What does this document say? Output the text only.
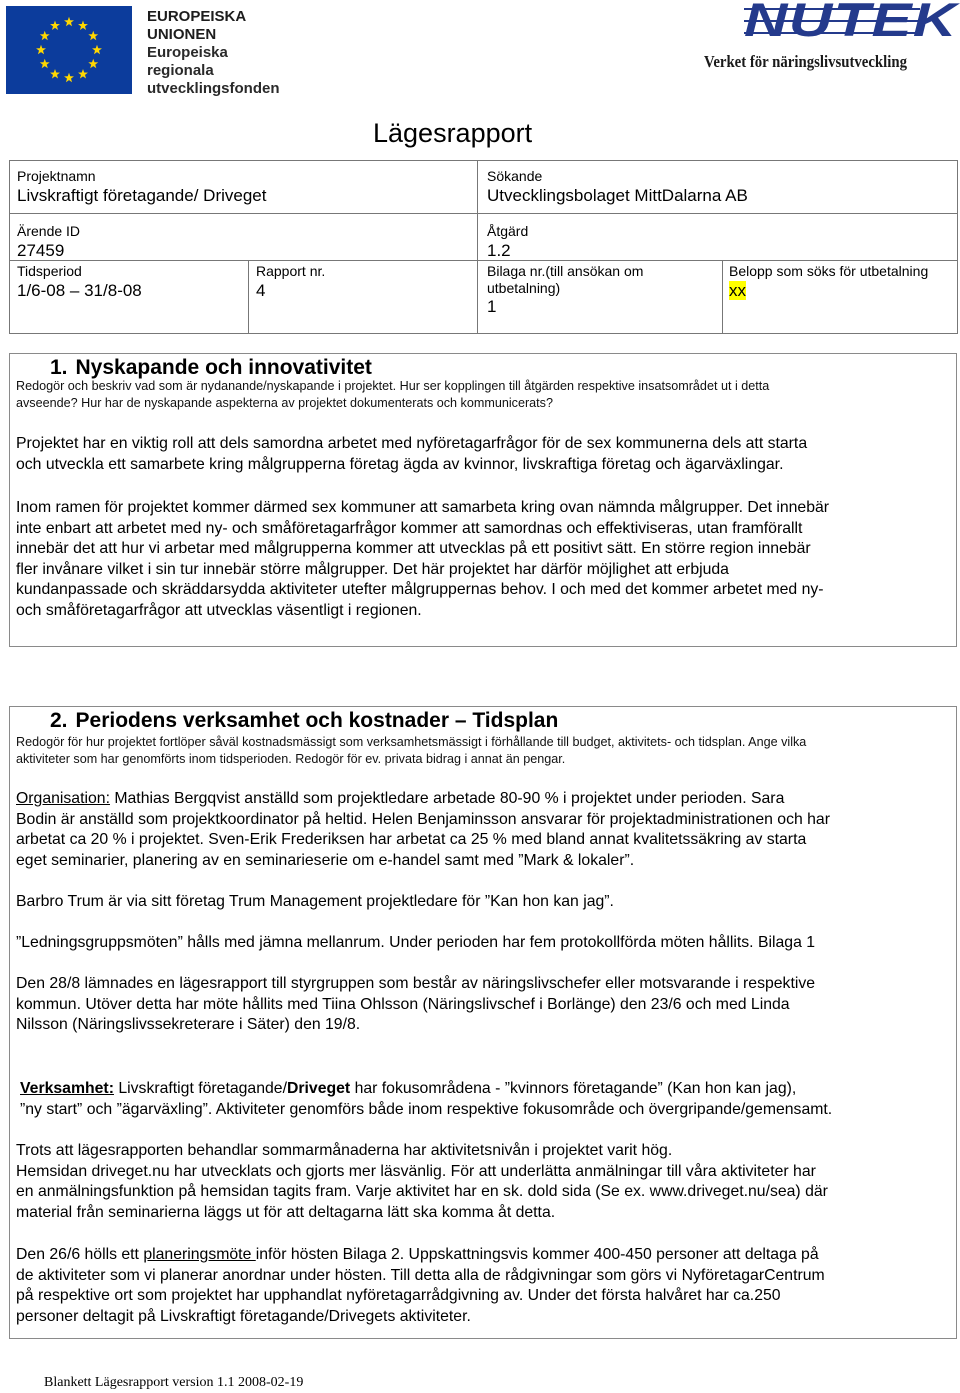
EUROPEISKA
UNIONEN
Europeiska
regionala
utvecklingsfonden
NUTEK
Verket för näringslivsutveckling
Lägesrapport
Projektnamn
Livskraftigt företagande/ Driveget
Sökande
Utvecklingsbolaget MittDalarna AB
Ärende ID
27459
Åtgärd
1.2
Tidsperiod
1/6-08 – 31/8-08
Rapport nr.
4
Bilaga nr.(till ansökan om
utbetalning)
1
Belopp som söks för utbetalning
xx
1. Nyskapande och innovativitet
Redogör och beskriv vad som är nydanande/nyskapande i projektet. Hur ser kopplingen till åtgärden respektive insatsområdet ut i detta
avseende? Hur har de nyskapande aspekterna av projektet dokumenterats och kommunicerats?
Projektet har en viktig roll att dels samordna arbetet med nyföretagarfrågor för de sex kommunerna dels att starta
och utveckla ett samarbete kring målgrupperna företag ägda av kvinnor, livskraftiga företag och ägarväxlingar.
Inom ramen för projektet kommer därmed sex kommuner att samarbeta kring ovan nämnda målgrupper. Det innebär
inte enbart att arbetet med ny- och småföretagarfrågor kommer att samordnas och effektiviseras, utan framförallt
innebär det att hur vi arbetar med målgrupperna kommer att utvecklas på ett positivt sätt. En större region innebär
fler invånare vilket i sin tur innebär större målgrupper. Det här projektet har därför möjlighet att erbjuda
kundanpassade och skräddarsydda aktiviteter utefter målgruppernas behov. I och med det kommer arbetet med ny-
och småföretagarfrågor att utvecklas väsentligt i regionen.
2. Periodens verksamhet och kostnader – Tidsplan
Redogör för hur projektet fortlöper såväl kostnadsmässigt som verksamhetsmässigt i förhållande till budget, aktivitets- och tidsplan. Ange vilka
aktiviteter som har genomförts inom tidsperioden. Redogör för ev. privata bidrag i annat än pengar.
Organisation: Mathias Bergqvist anställd som projektledare arbetade 80-90 % i projektet under perioden. Sara
Bodin är anställd som projektkoordinator på heltid. Helen Benjaminsson ansvarar för projektadministrationen och har
arbetat ca 20 % i projektet. Sven-Erik Frederiksen har arbetat ca 25 % med bland annat kvalitetssäkring av starta
eget seminarier, planering av en seminarieserie om e-handel samt med ”Mark & lokaler”.
Barbro Trum är via sitt företag Trum Management projektledare för ”Kan hon kan jag”.
”Ledningsgruppsmöten” hålls med jämna mellanrum. Under perioden har fem protokollförda möten hållits. Bilaga 1
Den 28/8 lämnades en lägesrapport till styrgruppen som består av näringslivschefer eller motsvarande i respektive
kommun. Utöver detta har möte hållits med Tiina Ohlsson (Näringslivschef i Borlänge) den 23/6 och med Linda
Nilsson (Näringslivssekreterare i Säter) den 19/8.
Verksamhet: Livskraftigt företagande/Driveget har fokusområdena - ”kvinnors företagande” (Kan hon kan jag),
”ny start” och ”ägarväxling”. Aktiviteter genomförs både inom respektive fokusområde och övergripande/gemensamt.
Trots att lägesrapporten behandlar sommarmånaderna har aktivitetsnivån i projektet varit hög.
Hemsidan driveget.nu har utvecklats och gjorts mer läsvänlig. För att underlätta anmälningar till våra aktiviteter har
en anmälningsfunktion på hemsidan tagits fram. Varje aktivitet har en sk. dold sida (Se ex. www.driveget.nu/sea) där
material från seminarierna läggs ut för att deltagarna lätt ska komma åt detta.
Den 26/6 hölls ett planeringsmöte inför hösten Bilaga 2. Uppskattningsvis kommer 400-450 personer att deltaga på
de aktiviteter som vi planerar anordnar under hösten. Till detta alla de rådgivningar som görs vi NyföretagarCentrum
på respektive ort som projektet har upphandlat nyföretagarrådgivning av. Under det första halvåret har ca.250
personer deltagit på Livskraftigt företagande/Drivegets aktiviteter.
Blankett Lägesrapport version 1.1 2008-02-19
